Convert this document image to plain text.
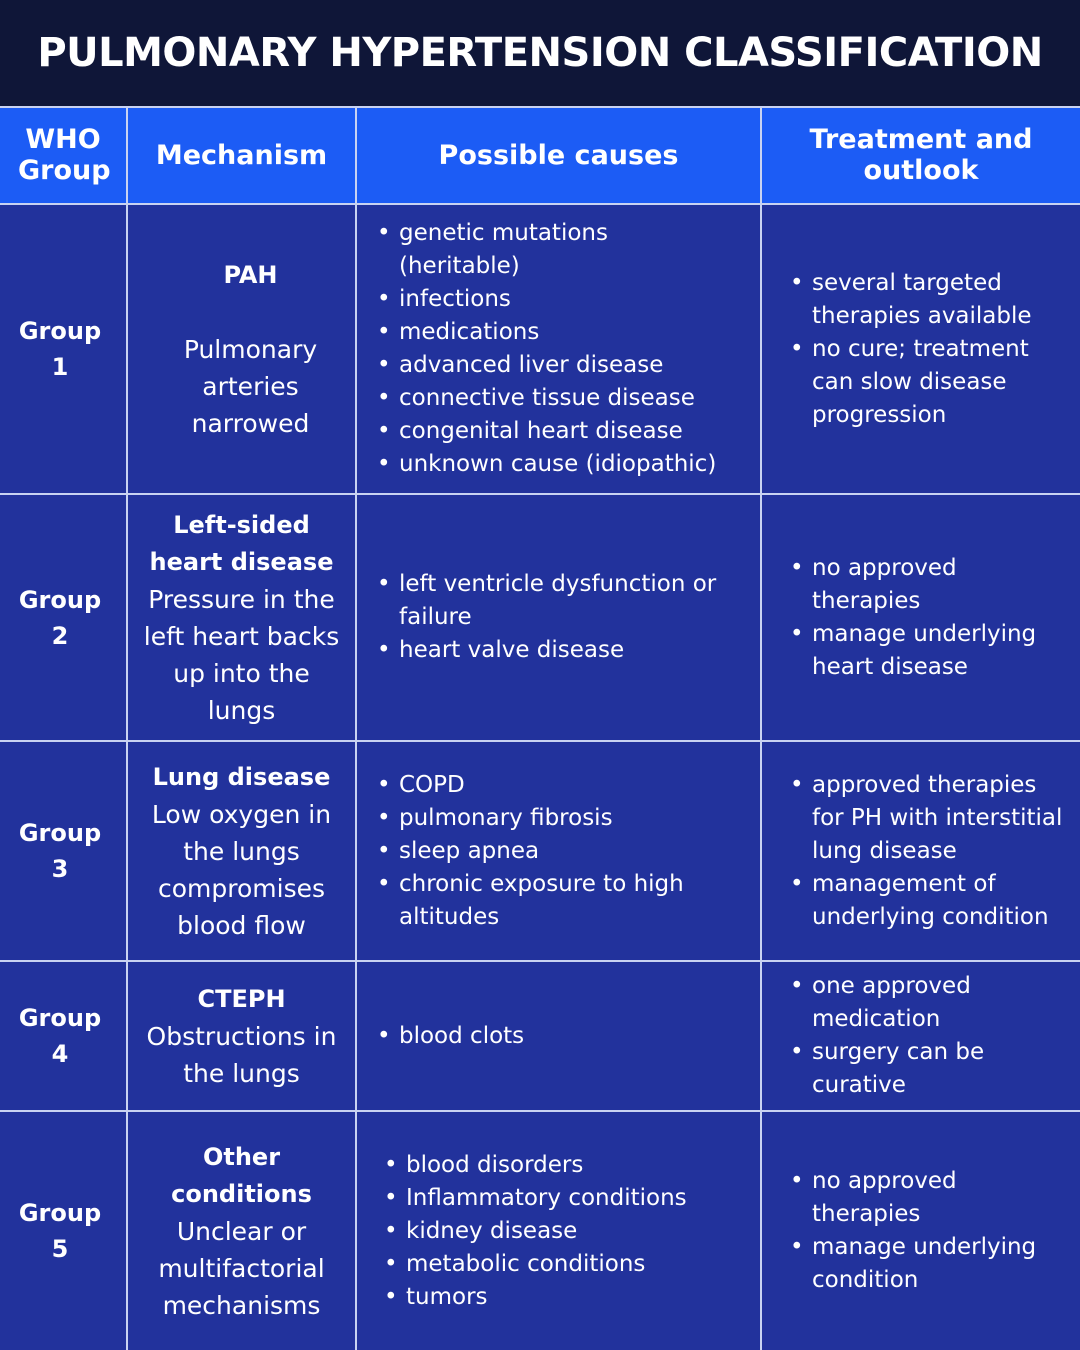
PULMONARY HYPERTENSION CLASSIFICATION
WHO Group Mechanism	Possible causes	Treatment and outlook
Group 1
PAH
Pulmonary arteries narrowed
• genetic mutations (heritable)
• infections
• medications
• advanced liver disease
• connective tissue disease
• congenital heart disease
• unknown cause (idiopathic)
• several targeted therapies available
• no cure; treatment can slow disease progression
Group 2
Left-sided heart disease
Pressure in the left heart backs up into the lungs
• left ventricle dysfunction or failure
• heart valve disease
• no approved therapies
• manage underlying heart disease
Group 3
Lung disease
Low oxygen in the lungs compromises blood flow
• COPD
• pulmonary fibrosis
• sleep apnea
• chronic exposure to high altitudes
• approved therapies for PH with interstitial lung disease
• management of underlying condition
Group 4
CTEPH
Obstructions in the lungs
• blood clots
• one approved medication
• surgery can be curative
Group 5
Other conditions
Unclear or multifactorial mechanisms
• blood disorders
• Inflammatory conditions
• kidney disease
• metabolic conditions
• tumors
• no approved therapies
• manage underlying condition
